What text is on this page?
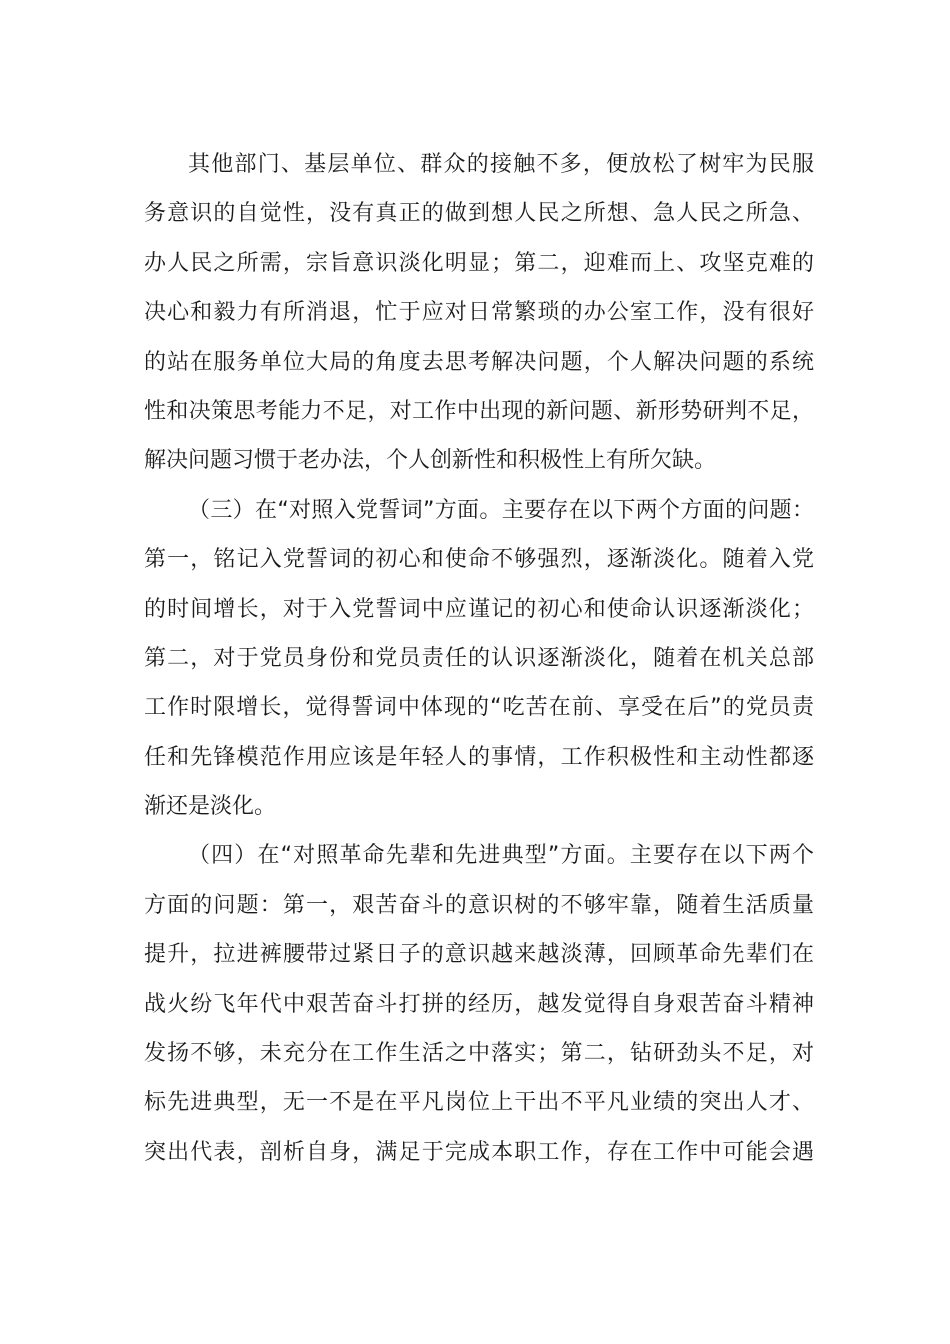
其他部门、基层单位、群众的接触不多，便放松了树牢为民服
务意识的自觉性，没有真正的做到想人民之所想、急人民之所急、
办人民之所需，宗旨意识淡化明显；第二，迎难而上、攻坚克难的
决心和毅力有所消退，忙于应对日常繁琐的办公室工作，没有很好
的站在服务单位大局的角度去思考解决问题，个人解决问题的系统
性和决策思考能力不足，对工作中出现的新问题、新形势研判不足，
解决问题习惯于老办法，个人创新性和积极性上有所欠缺。
（三）在“对照入党誓词”方面。主要存在以下两个方面的问题：
第一，铭记入党誓词的初心和使命不够强烈，逐渐淡化。随着入党
的时间增长，对于入党誓词中应谨记的初心和使命认识逐渐淡化；
第二，对于党员身份和党员责任的认识逐渐淡化，随着在机关总部
工作时限增长，觉得誓词中体现的“吃苦在前、享受在后”的党员责
任和先锋模范作用应该是年轻人的事情，工作积极性和主动性都逐
渐还是淡化。
（四）在“对照革命先辈和先进典型”方面。主要存在以下两个
方面的问题：第一，艰苦奋斗的意识树的不够牢靠，随着生活质量
提升，拉进裤腰带过紧日子的意识越来越淡薄，回顾革命先辈们在
战火纷飞年代中艰苦奋斗打拼的经历，越发觉得自身艰苦奋斗精神
发扬不够，未充分在工作生活之中落实；第二，钻研劲头不足，对
标先进典型，无一不是在平凡岗位上干出不平凡业绩的突出人才、
突出代表，剖析自身，满足于完成本职工作，存在工作中可能会遇
